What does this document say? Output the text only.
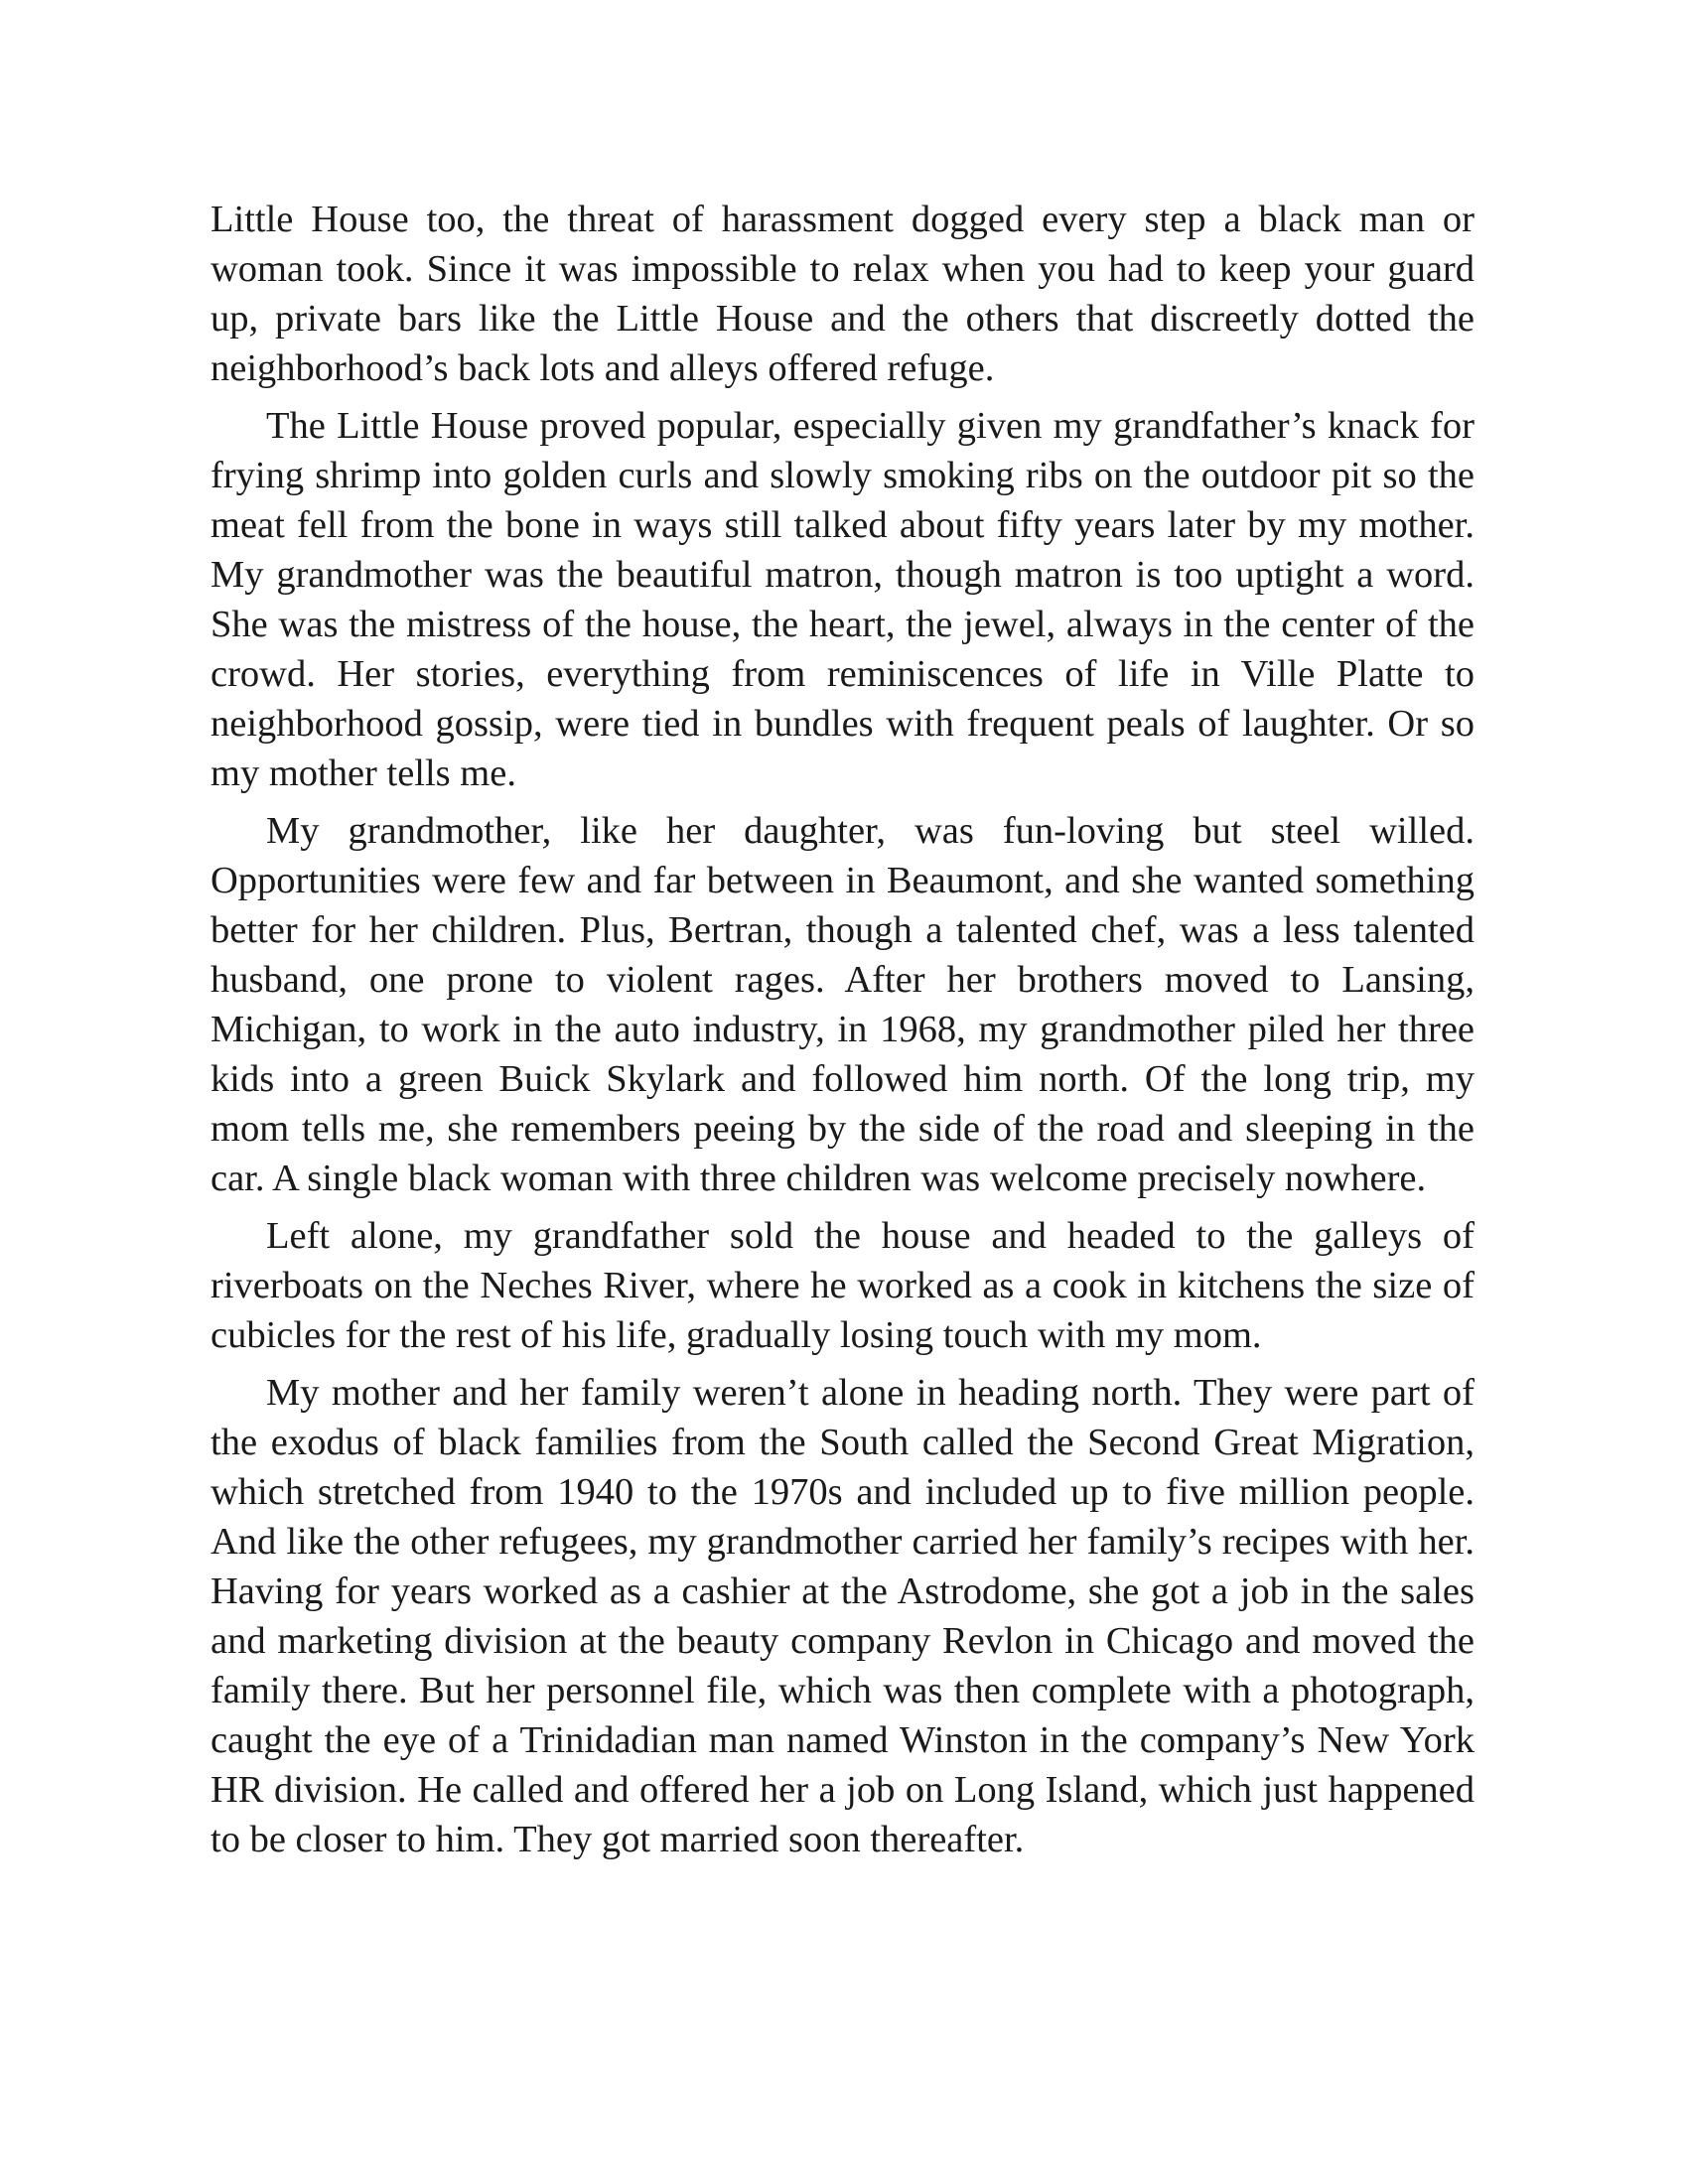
Little House too, the threat of harassment dogged every step a black man or woman took. Since it was impossible to relax when you had to keep your guard up, private bars like the Little House and the others that discreetly dotted the neighborhood’s back lots and alleys offered refuge.

The Little House proved popular, especially given my grandfather’s knack for frying shrimp into golden curls and slowly smoking ribs on the outdoor pit so the meat fell from the bone in ways still talked about fifty years later by my mother. My grandmother was the beautiful matron, though matron is too uptight a word. She was the mistress of the house, the heart, the jewel, always in the center of the crowd. Her stories, everything from reminiscences of life in Ville Platte to neighborhood gossip, were tied in bundles with frequent peals of laughter. Or so my mother tells me.

My grandmother, like her daughter, was fun-loving but steel willed. Opportunities were few and far between in Beaumont, and she wanted something better for her children. Plus, Bertran, though a talented chef, was a less talented husband, one prone to violent rages. After her brothers moved to Lansing, Michigan, to work in the auto industry, in 1968, my grandmother piled her three kids into a green Buick Skylark and followed him north. Of the long trip, my mom tells me, she remembers peeing by the side of the road and sleeping in the car. A single black woman with three children was welcome precisely nowhere.

Left alone, my grandfather sold the house and headed to the galleys of riverboats on the Neches River, where he worked as a cook in kitchens the size of cubicles for the rest of his life, gradually losing touch with my mom.

My mother and her family weren’t alone in heading north. They were part of the exodus of black families from the South called the Second Great Migration, which stretched from 1940 to the 1970s and included up to five million people. And like the other refugees, my grandmother carried her family’s recipes with her. Having for years worked as a cashier at the Astrodome, she got a job in the sales and marketing division at the beauty company Revlon in Chicago and moved the family there. But her personnel file, which was then complete with a photograph, caught the eye of a Trinidadian man named Winston in the company’s New York HR division. He called and offered her a job on Long Island, which just happened to be closer to him. They got married soon thereafter.
